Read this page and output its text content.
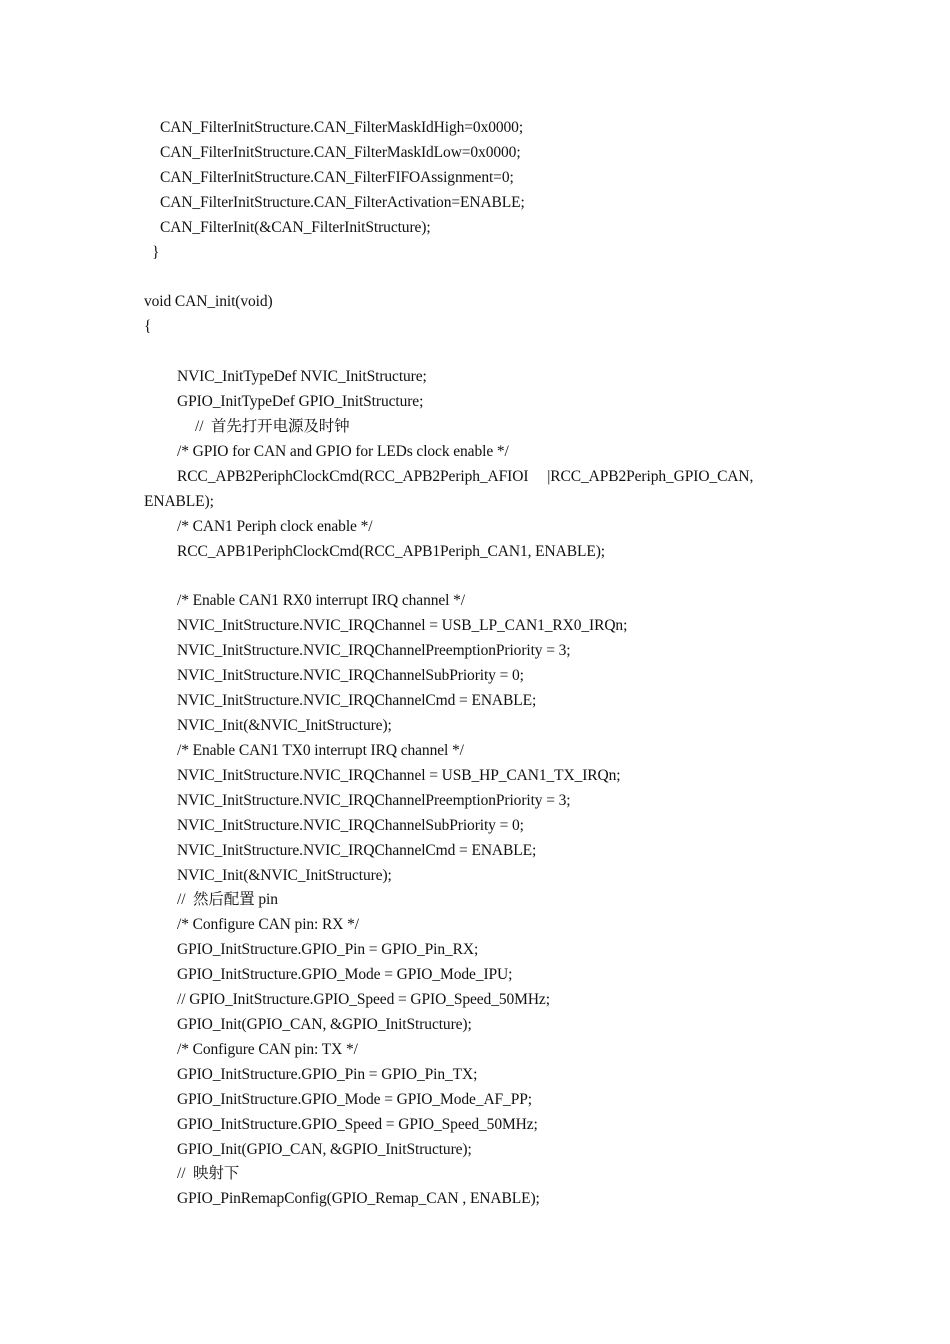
CAN_FilterInitStructure.CAN_FilterMaskIdHigh=0x0000;
CAN_FilterInitStructure.CAN_FilterMaskIdLow=0x0000;
CAN_FilterInitStructure.CAN_FilterFIFOAssignment=0;
CAN_FilterInitStructure.CAN_FilterActivation=ENABLE;
CAN_FilterInit(&CAN_FilterInitStructure);
}
void CAN_init(void)
{
NVIC_InitTypeDef NVIC_InitStructure;
GPIO_InitTypeDef GPIO_InitStructure;
//  首先打开电源及时钟
/* GPIO for CAN and GPIO for LEDs clock enable */
RCC_APB2PeriphClockCmd(RCC_APB2Periph_AFIOI     |RCC_APB2Periph_GPIO_CAN,
ENABLE);
/* CAN1 Periph clock enable */
RCC_APB1PeriphClockCmd(RCC_APB1Periph_CAN1, ENABLE);
/* Enable CAN1 RX0 interrupt IRQ channel */
NVIC_InitStructure.NVIC_IRQChannel = USB_LP_CAN1_RX0_IRQn;
NVIC_InitStructure.NVIC_IRQChannelPreemptionPriority = 3;
NVIC_InitStructure.NVIC_IRQChannelSubPriority = 0;
NVIC_InitStructure.NVIC_IRQChannelCmd = ENABLE;
NVIC_Init(&NVIC_InitStructure);
/* Enable CAN1 TX0 interrupt IRQ channel */
NVIC_InitStructure.NVIC_IRQChannel = USB_HP_CAN1_TX_IRQn;
NVIC_InitStructure.NVIC_IRQChannelPreemptionPriority = 3;
NVIC_InitStructure.NVIC_IRQChannelSubPriority = 0;
NVIC_InitStructure.NVIC_IRQChannelCmd = ENABLE;
NVIC_Init(&NVIC_InitStructure);
//  然后配置 pin
/* Configure CAN pin: RX */
GPIO_InitStructure.GPIO_Pin = GPIO_Pin_RX;
GPIO_InitStructure.GPIO_Mode = GPIO_Mode_IPU;
// GPIO_InitStructure.GPIO_Speed = GPIO_Speed_50MHz;
GPIO_Init(GPIO_CAN, &GPIO_InitStructure);
/* Configure CAN pin: TX */
GPIO_InitStructure.GPIO_Pin = GPIO_Pin_TX;
GPIO_InitStructure.GPIO_Mode = GPIO_Mode_AF_PP;
GPIO_InitStructure.GPIO_Speed = GPIO_Speed_50MHz;
GPIO_Init(GPIO_CAN, &GPIO_InitStructure);
//  映射下
GPIO_PinRemapConfig(GPIO_Remap_CAN , ENABLE);
